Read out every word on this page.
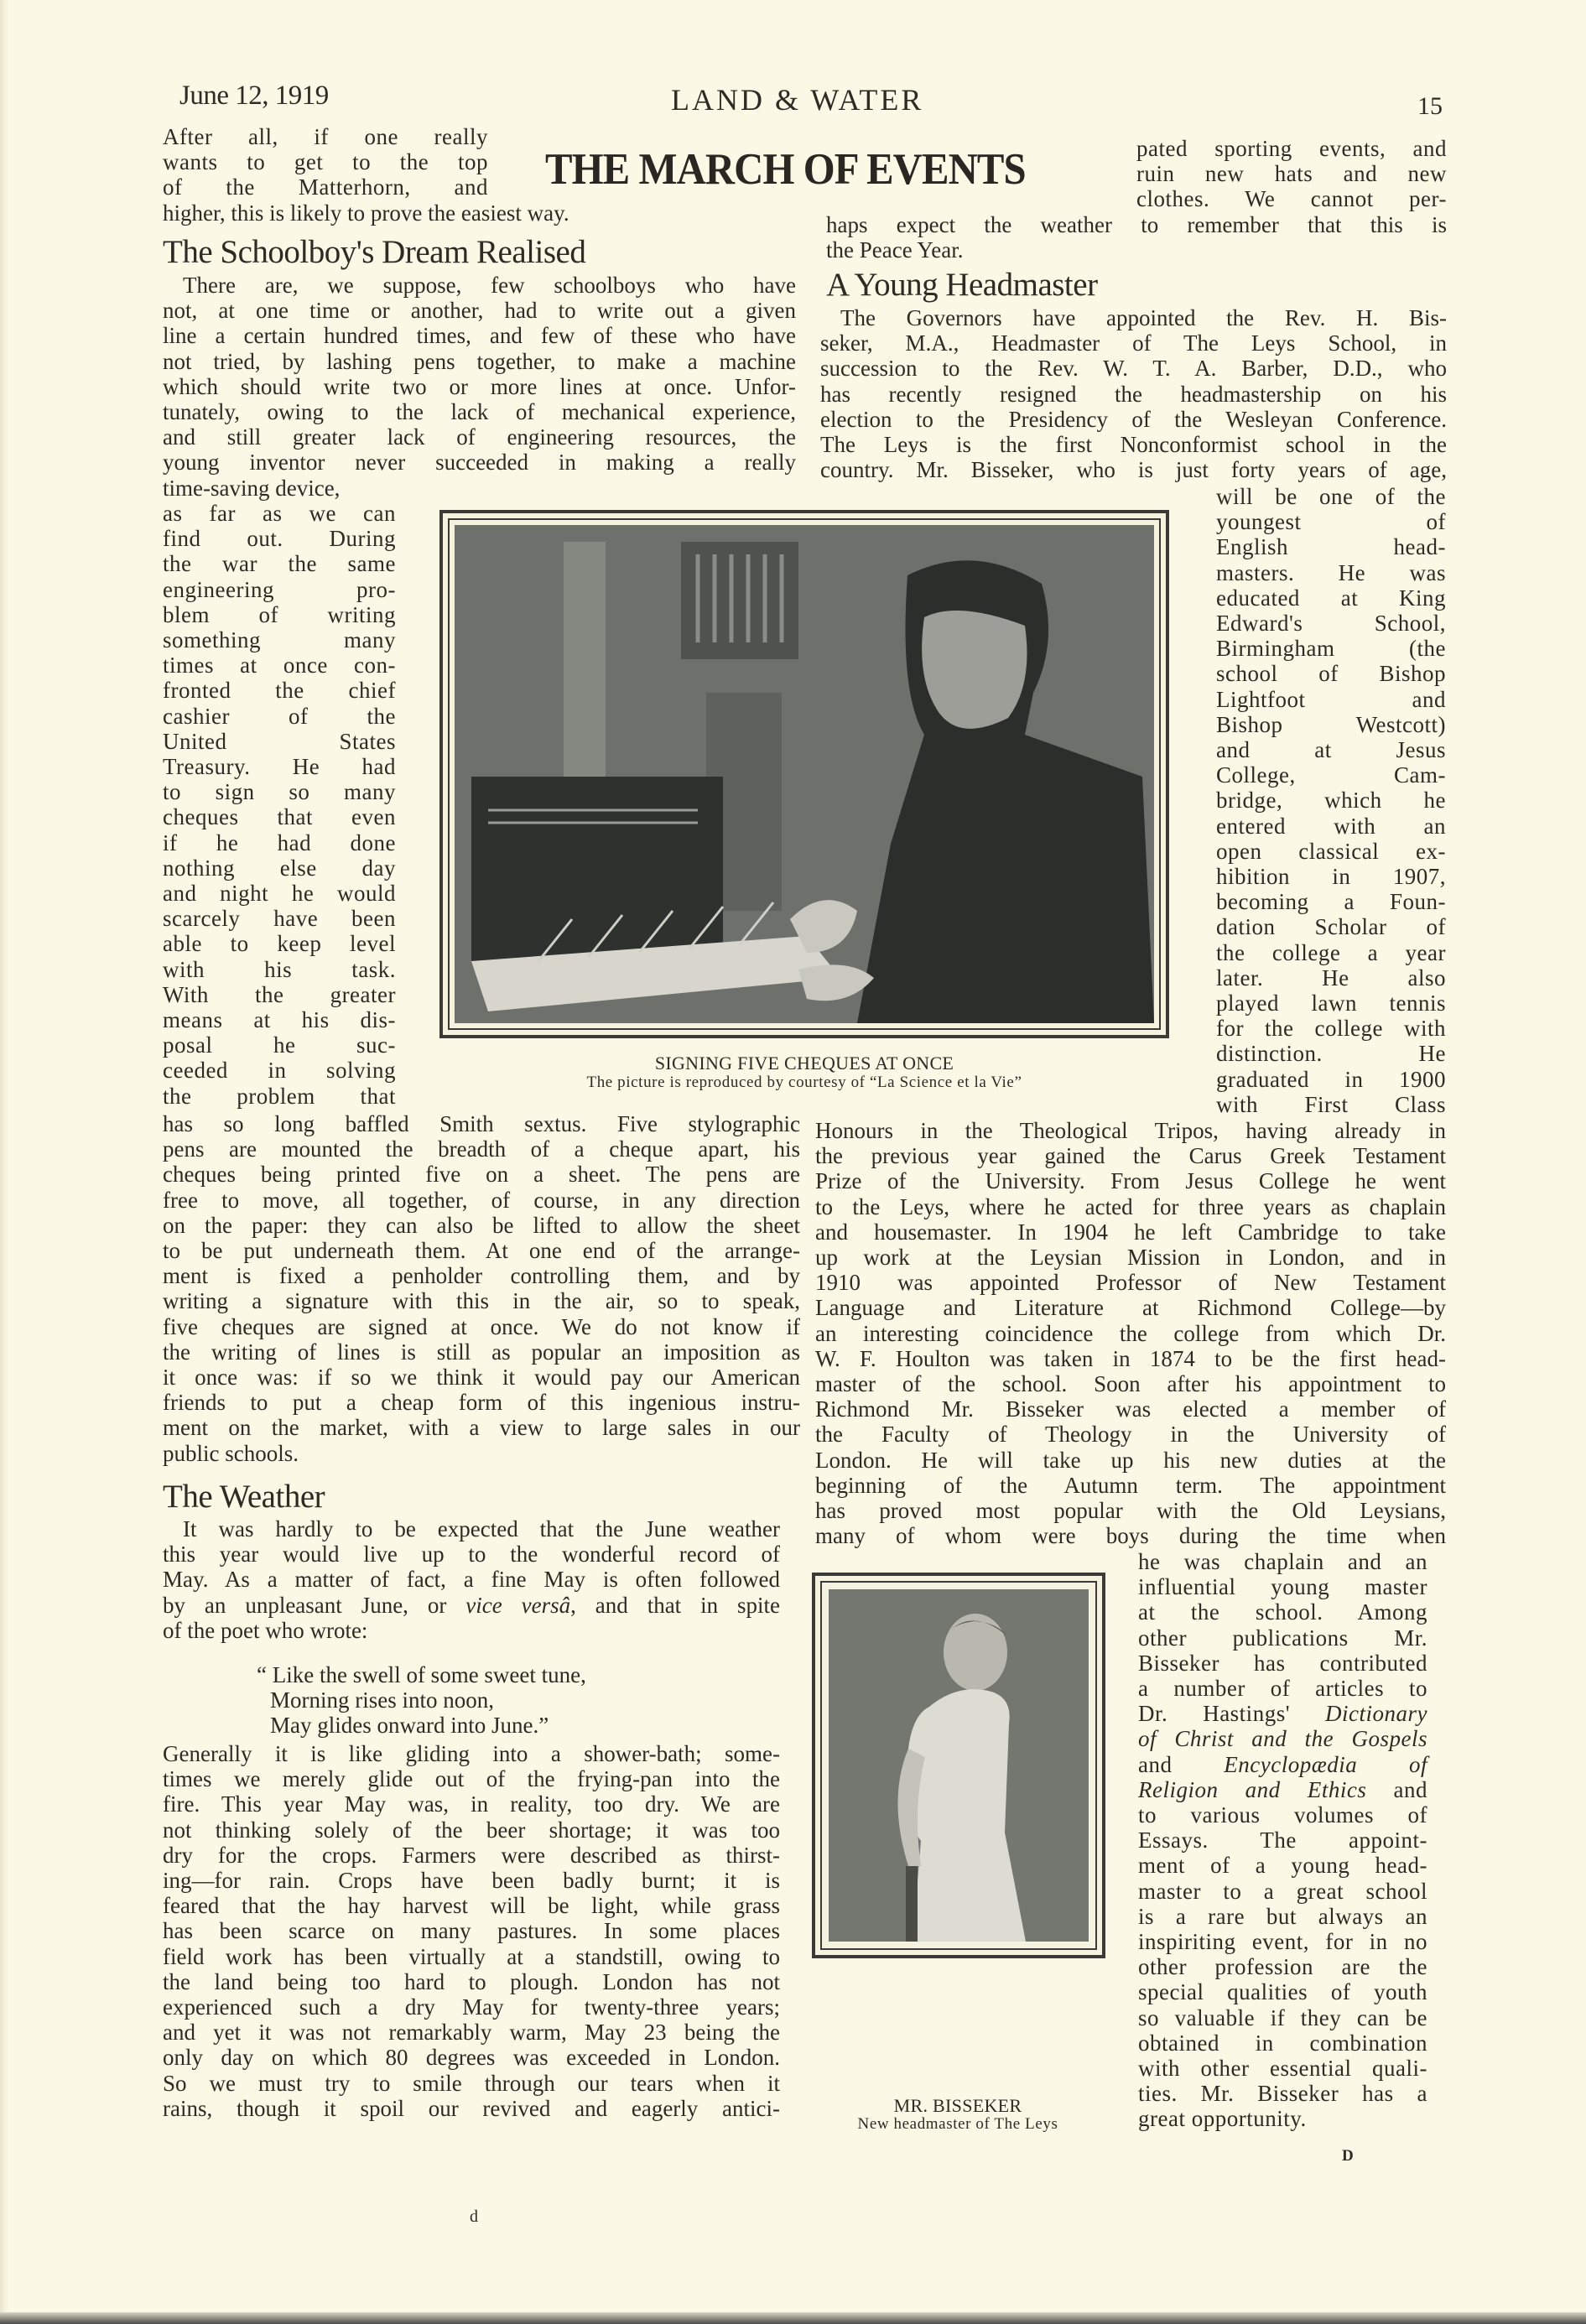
June 12, 1919	LAND & WATER	15
THE MARCH OF EVENTS
After all, if one really
wants to get to the top
of the Matterhorn, and
higher, this is likely to prove the easiest way.
The Schoolboy's Dream Realised
There are, we suppose, few schoolboys who have
not, at one time or another, had to write out a given
line a certain hundred times, and few of these who have
not tried, by lashing pens together, to make a machine
which should write two or more lines at once. Unfor-
tunately, owing to the lack of mechanical experience,
and still greater lack of engineering resources, the
young inventor never succeeded in making a really
time-saving device,
as far as we can
find out. During
the war the same
engineering pro-
blem of writing
something many
times at once con-
fronted the chief
cashier of the
United States
Treasury. He had
to sign so many
cheques that even
if he had done
nothing else day
and night he would
scarcely have been
able to keep level
with his task.
With the greater
means at his dis-
posal he suc-
ceeded in solving
the problem that
has so long baffled Smith sextus. Five stylographic
pens are mounted the breadth of a cheque apart, his
cheques being printed five on a sheet. The pens are
free to move, all together, of course, in any direction
on the paper: they can also be lifted to allow the sheet
to be put underneath them. At one end of the arrange-
ment is fixed a penholder controlling them, and by
writing a signature with this in the air, so to speak,
five cheques are signed at once. We do not know if
the writing of lines is still as popular an imposition as
it once was: if so we think it would pay our American
friends to put a cheap form of this ingenious instru-
ment on the market, with a view to large sales in our
public schools.
SIGNING FIVE CHEQUES AT ONCE
The picture is reproduced by courtesy of “La Science et la Vie”
The Weather
It was hardly to be expected that the June weather
this year would live up to the wonderful record of
May. As a matter of fact, a fine May is often followed
by an unpleasant June, or vice versâ, and that in spite
of the poet who wrote:
“ Like the swell of some sweet tune,
Morning rises into noon,
May glides onward into June.”
Generally it is like gliding into a shower-bath; some-
times we merely glide out of the frying-pan into the
fire. This year May was, in reality, too dry. We are
not thinking solely of the beer shortage; it was too
dry for the crops. Farmers were described as thirst-
ing—for rain. Crops have been badly burnt; it is
feared that the hay harvest will be light, while grass
has been scarce on many pastures. In some places
field work has been virtually at a standstill, owing to
the land being too hard to plough. London has not
experienced such a dry May for twenty-three years;
and yet it was not remarkably warm, May 23 being the
only day on which 80 degrees was exceeded in London.
So we must try to smile through our tears when it
rains, though it spoil our revived and eagerly antici-
pated sporting events, and
ruin new hats and new
clothes. We cannot per-
haps expect the weather to remember that this is
the Peace Year.
A Young Headmaster
The Governors have appointed the Rev. H. Bis-
seker, M.A., Headmaster of The Leys School, in
succession to the Rev. W. T. A. Barber, D.D., who
has recently resigned the headmastership on his
election to the Presidency of the Wesleyan Conference.
The Leys is the first Nonconformist school in the
country. Mr. Bisseker, who is just forty years of age,
will be one of the
youngest of
English head-
masters. He was
educated at King
Edward's School,
Birmingham (the
school of Bishop
Lightfoot and
Bishop Westcott)
and at Jesus
College, Cam-
bridge, which he
entered with an
open classical ex-
hibition in 1907,
becoming a Foun-
dation Scholar of
the college a year
later. He also
played lawn tennis
for the college with
distinction. He
graduated in 1900
with First Class
Honours in the Theological Tripos, having already in
the previous year gained the Carus Greek Testament
Prize of the University. From Jesus College he went
to the Leys, where he acted for three years as chaplain
and housemaster. In 1904 he left Cambridge to take
up work at the Leysian Mission in London, and in
1910 was appointed Professor of New Testament
Language and Literature at Richmond College—by
an interesting coincidence the college from which Dr.
W. F. Houlton was taken in 1874 to be the first head-
master of the school. Soon after his appointment to
Richmond Mr. Bisseker was elected a member of
the Faculty of Theology in the University of
London. He will take up his new duties at the
beginning of the Autumn term. The appointment
has proved most popular with the Old Leysians,
many of whom were boys during the time when
he was chaplain and an
influential young master
at the school. Among
other publications Mr.
Bisseker has contributed
a number of articles to
Dr. Hastings' Dictionary
of Christ and the Gospels
and Encyclopædia of
Religion and Ethics and
to various volumes of
Essays. The appoint-
ment of a young head-
master to a great school
is a rare but always an
inspiriting event, for in no
other profession are the
special qualities of youth
so valuable if they can be
obtained in combination
with other essential quali-
ties. Mr. Bisseker has a
great opportunity.
MR. BISSEKER
New headmaster of The Leys
D
d
